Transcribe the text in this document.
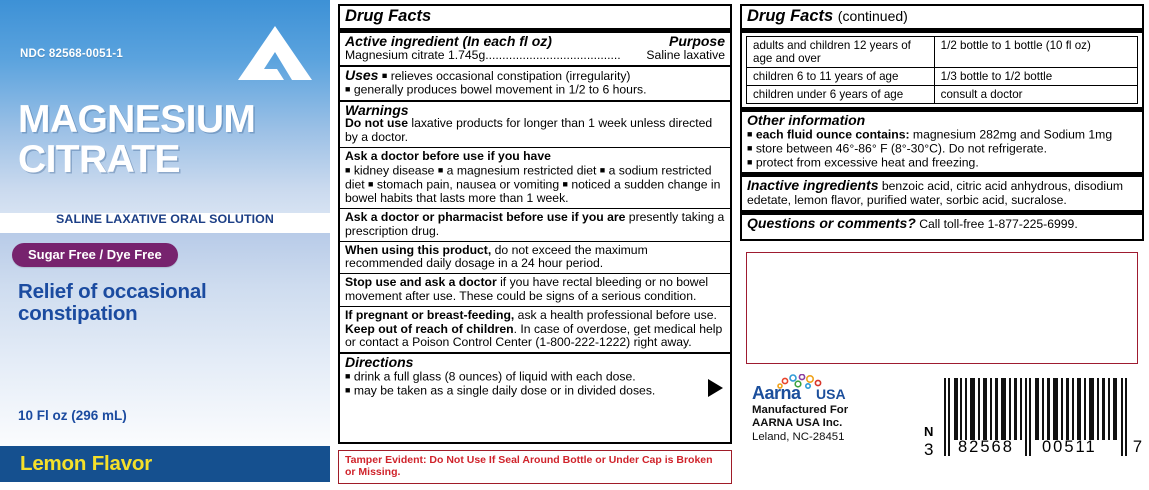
NDC 82568-0051-1
MAGNESIUM
CITRATE
SALINE LAXATIVE ORAL SOLUTION
Sugar Free / Dye Free
Relief of occasional constipation
10 Fl oz (296 mL)
Lemon Flavor
Drug Facts
Active ingredient (In each fl oz)	Purpose
Magnesium citrate 1.745g ........................................	Saline laxative
Uses ■ relieves occasional constipation (irregularity)
■ generally produces bowel movement in 1/2 to 6 hours.
Warnings
Do not use laxative products for longer than 1 week unless directed by a doctor.
Ask a doctor before use if you have
■ kidney disease ■ a magnesium restricted diet ■ a sodium restricted diet ■ stomach pain, nausea or vomiting ■ noticed a sudden change in bowel habits that lasts more than 1 week.
Ask a doctor or pharmacist before use if you are presently taking a prescription drug.
When using this product, do not exceed the maximum recommended daily dosage in a 24 hour period.
Stop use and ask a doctor if you have rectal bleeding or no bowel movement after use. These could be signs of a serious condition.
If pregnant or breast-feeding, ask a health professional before use.
Keep out of reach of children. In case of overdose, get medical help or contact a Poison Control Center (1-800-222-1222) right away.
Directions
■ drink a full glass (8 ounces) of liquid with each dose.
■ may be taken as a single daily dose or in divided doses.
Tamper Evident: Do Not Use If Seal Around Bottle or Under Cap is Broken or Missing.
Drug Facts (continued)
adults and children 12 years of age and over	1/2 bottle to 1 bottle (10 fl oz)
children 6 to 11 years of age	1/3 bottle to 1/2 bottle
children under 6 years of age	consult a doctor
Other information
■ each fluid ounce contains: magnesium 282mg and Sodium 1mg
■ store between 46°-86° F (8°-30°C). Do not refrigerate.
■ protect from excessive heat and freezing.
Inactive ingredients benzoic acid, citric acid anhydrous, disodium edetate, lemon flavor, purified water, sorbic acid, sucralose.
Questions or comments? Call toll-free 1-877-225-6999.
Aarna USA
Manufactured For
AARNA USA Inc.
Leland, NC-28451	N
3 82568 00511 7
